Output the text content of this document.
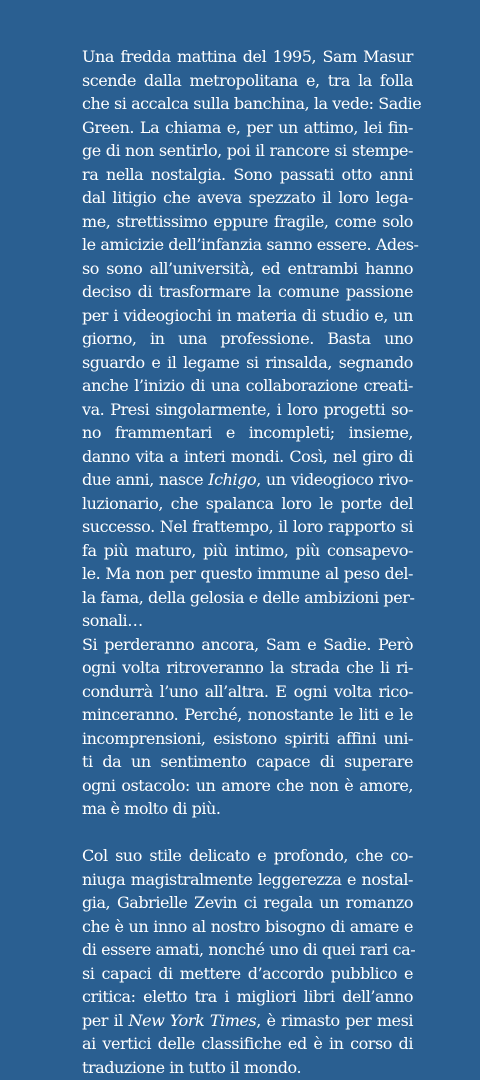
Una fredda mattina del 1995, Sam Masur
scende dalla metropolitana e, tra la folla
che si accalca sulla banchina, la vede: Sadie
Green. La chiama e, per un attimo, lei fin-
ge di non sentirlo, poi il rancore si stempe-
ra nella nostalgia. Sono passati otto anni
dal litigio che aveva spezzato il loro lega-
me, strettissimo eppure fragile, come solo
le amicizie dell’infanzia sanno essere. Ades-
so sono all’università, ed entrambi hanno
deciso di trasformare la comune passione
per i videogiochi in materia di studio e, un
giorno, in una professione. Basta uno
sguardo e il legame si rinsalda, segnando
anche l’inizio di una collaborazione creati-
va. Presi singolarmente, i loro progetti so-
no frammentari e incompleti; insieme,
danno vita a interi mondi. Così, nel giro di
due anni, nasce Ichigo, un videogioco rivo-
luzionario, che spalanca loro le porte del
successo. Nel frattempo, il loro rapporto si
fa più maturo, più intimo, più consapevo-
le. Ma non per questo immune al peso del-
la fama, della gelosia e delle ambizioni per-
sonali…

Si perderanno ancora, Sam e Sadie. Però
ogni volta ritroveranno la strada che li ri-
condurrà l’uno all’altra. E ogni volta rico-
minceranno. Perché, nonostante le liti e le
incomprensioni, esistono spiriti affini uni-
ti da un sentimento capace di superare
ogni ostacolo: un amore che non è amore,
ma è molto di più.

Col suo stile delicato e profondo, che co-
niuga magistralmente leggerezza e nostal-
gia, Gabrielle Zevin ci regala un romanzo
che è un inno al nostro bisogno di amare e
di essere amati, nonché uno di quei rari ca-
si capaci di mettere d’accordo pubblico e
critica: eletto tra i migliori libri dell’anno
per il New York Times, è rimasto per mesi
ai vertici delle classifiche ed è in corso di
traduzione in tutto il mondo.
